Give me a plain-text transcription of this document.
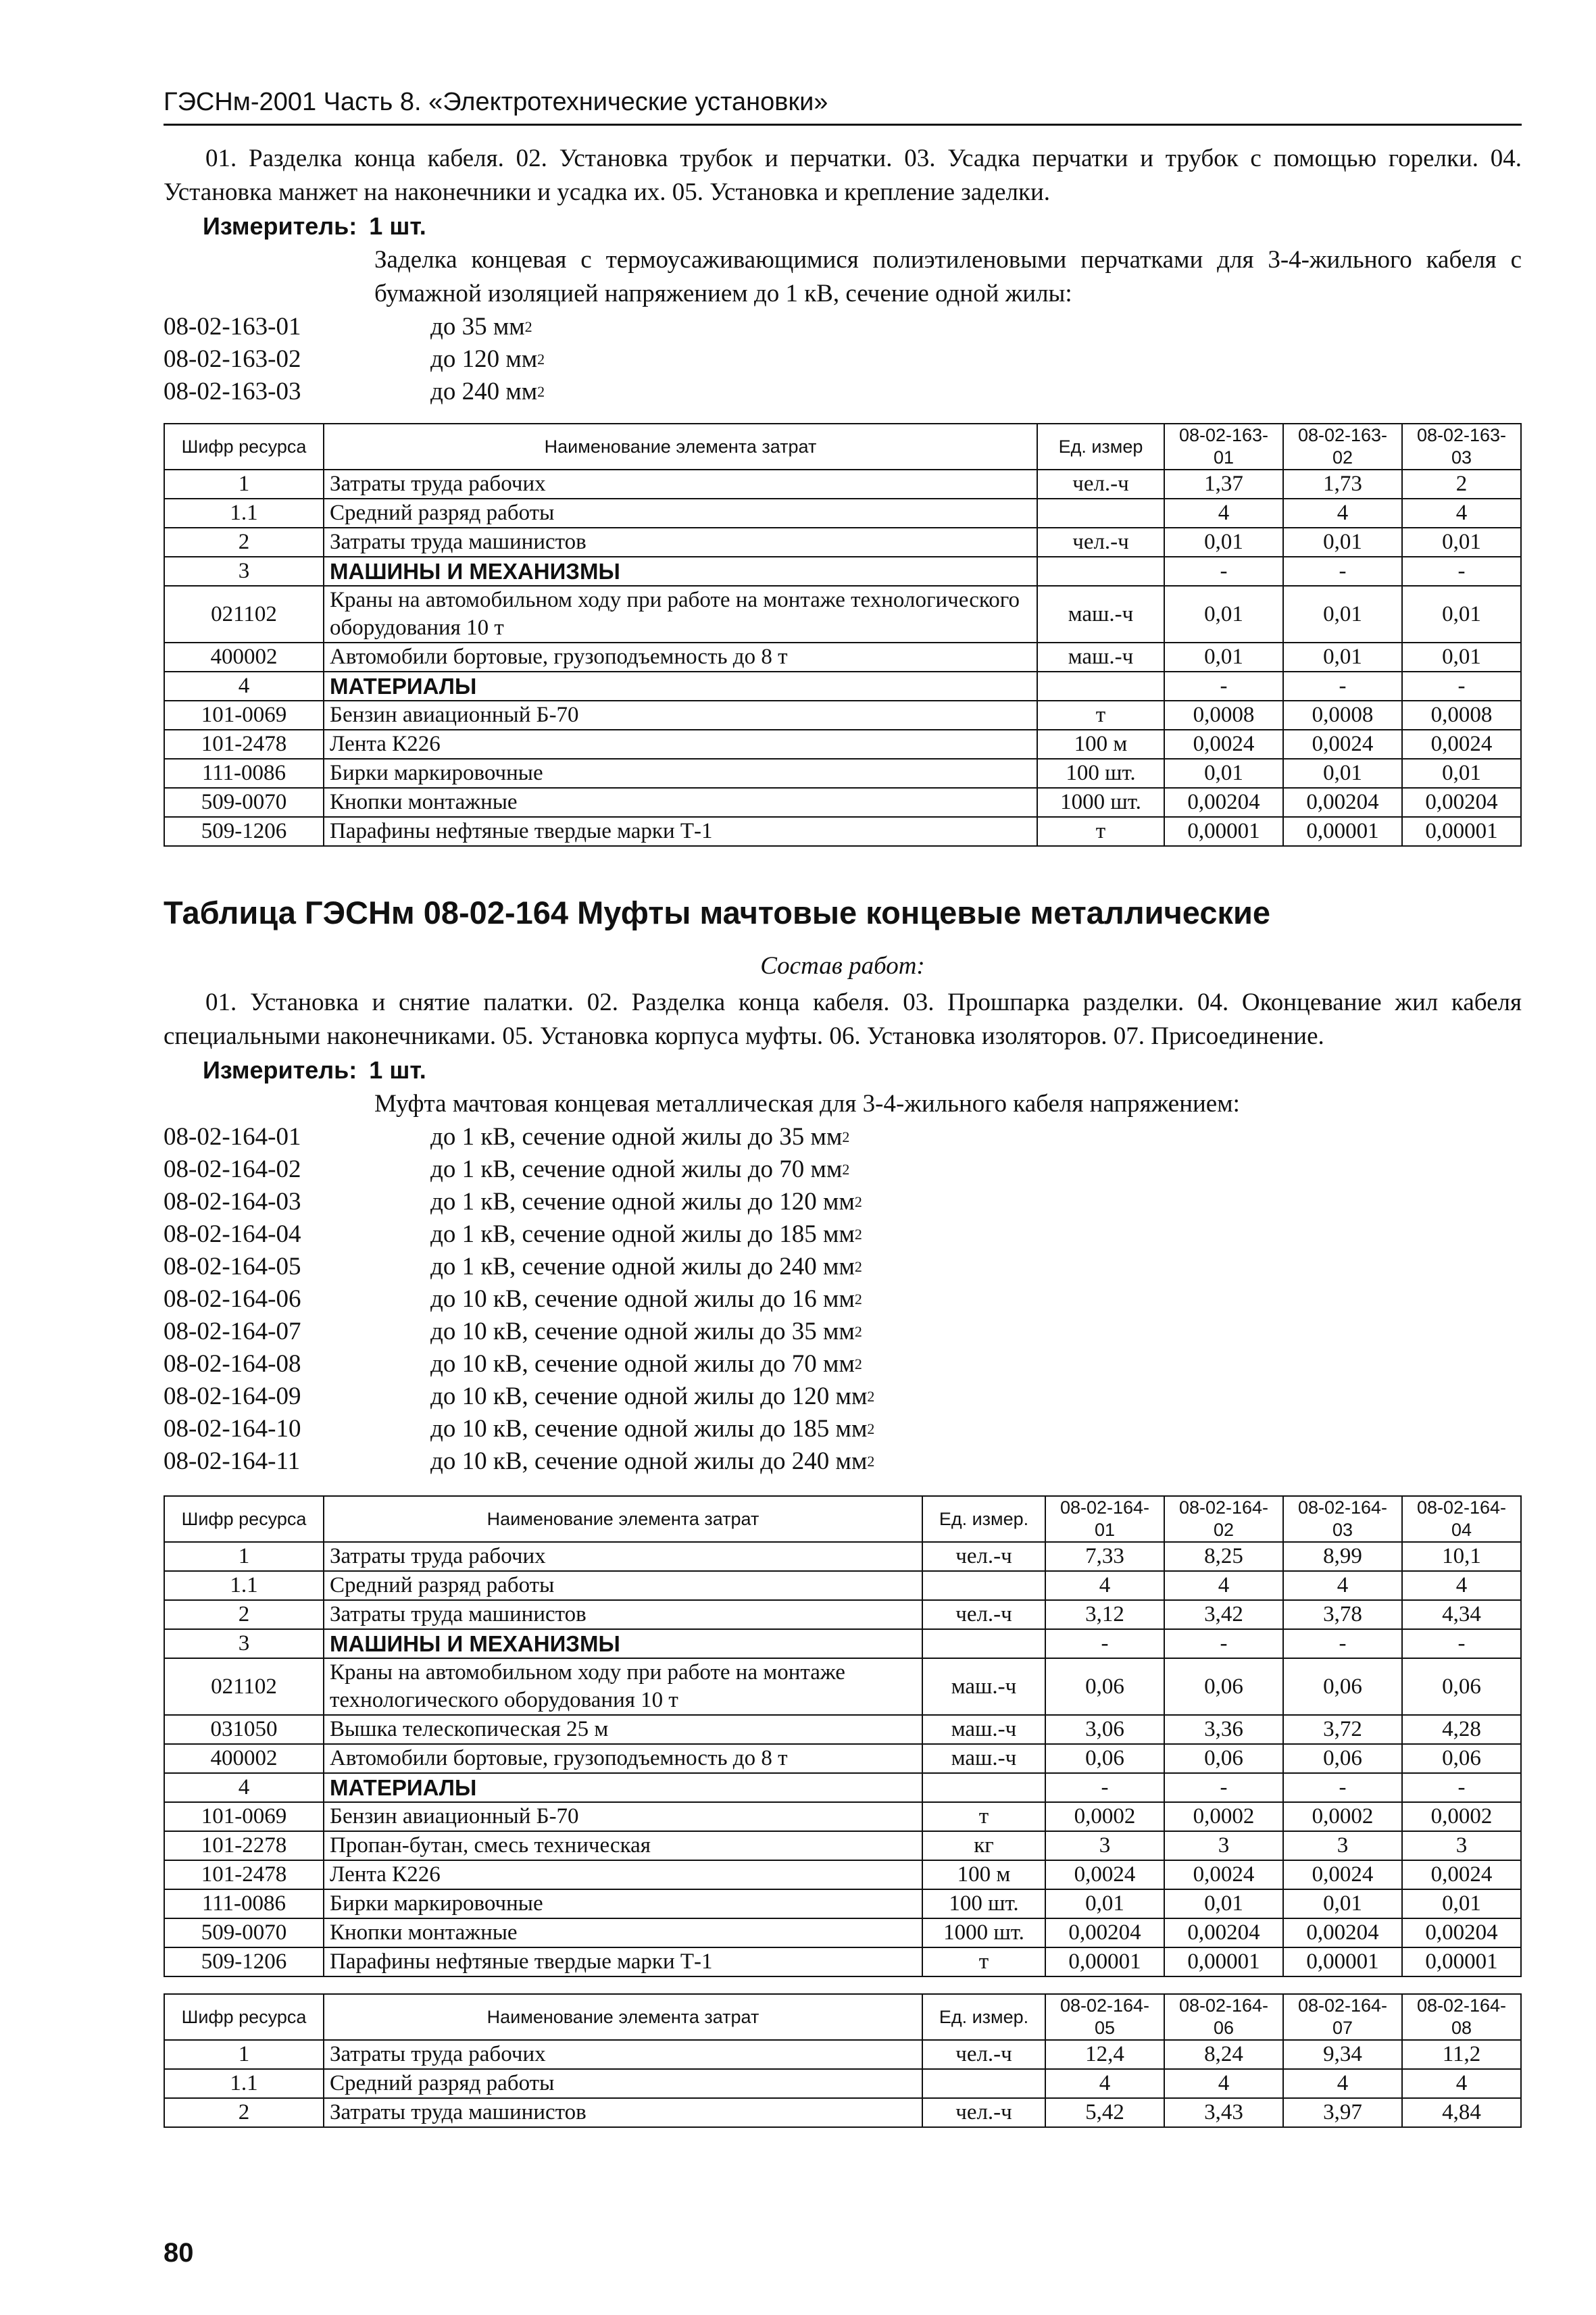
ГЭСНм-2001 Часть 8. «Электротехнические установки»

01. Разделка конца кабеля. 02. Установка трубок и перчатки. 03. Усадка перчатки и трубок с помощью горелки. 04. Установка манжет на наконечники и усадка их. 05. Установка и крепление заделки.

Измеритель: 1 шт.

Заделка концевая с термоусаживающимися полиэтиленовыми перчатками для 3-4-жильного кабеля с бумажной изоляцией напряжением до 1 кВ, сечение одной жилы:

08-02-163-01	до 35 мм 2
08-02-163-02	до 120 мм 2
08-02-163-03	до 240 мм 2
Шифр ресурса	Наименование элемента затрат	Ед. измер	08-02-163-01	08-02-163-02	08-02-163-03
1	Затраты труда рабочих	чел.-ч	1,37	1,73	2
1.1	Средний разряд работы		4	4	4
2	Затраты труда машинистов	чел.-ч	0,01	0,01	0,01
3	МАШИНЫ И МЕХАНИЗМЫ		-	-	-
021102	Краны на автомобильном ходу при работе на монтаже технологического оборудования 10 т	маш.-ч	0,01	0,01	0,01
400002	Автомобили бортовые, грузоподъемность до 8 т	маш.-ч	0,01	0,01	0,01
4	МАТЕРИАЛЫ		-	-	-
101-0069	Бензин авиационный Б-70	т	0,0008	0,0008	0,0008
101-2478	Лента К226	100 м	0,0024	0,0024	0,0024
111-0086	Бирки маркировочные	100 шт.	0,01	0,01	0,01
509-0070	Кнопки монтажные	1000 шт.	0,00204	0,00204	0,00204
509-1206	Парафины нефтяные твердые марки Т-1	т	0,00001	0,00001	0,00001
Таблица ГЭСНм 08-02-164 Муфты мачтовые концевые металлические
Состав работ:

01. Установка и снятие палатки. 02. Разделка конца кабеля. 03. Прошпарка разделки. 04. Оконцевание жил кабеля специальными наконечниками. 05. Установка корпуса муфты. 06. Установка изоляторов. 07. Присоединение.

Измеритель: 1 шт.

Муфта мачтовая концевая металлическая для 3-4-жильного кабеля напряжением:

08-02-164-01	до 1 кВ, сечение одной жилы до 35 мм 2
08-02-164-02	до 1 кВ, сечение одной жилы до 70 мм 2
08-02-164-03	до 1 кВ, сечение одной жилы до 120 мм 2
08-02-164-04	до 1 кВ, сечение одной жилы до 185 мм 2
08-02-164-05	до 1 кВ, сечение одной жилы до 240 мм 2
08-02-164-06	до 10 кВ, сечение одной жилы до 16 мм 2
08-02-164-07	до 10 кВ, сечение одной жилы до 35 мм 2
08-02-164-08	до 10 кВ, сечение одной жилы до 70 мм 2
08-02-164-09	до 10 кВ, сечение одной жилы до 120 мм 2
08-02-164-10	до 10 кВ, сечение одной жилы до 185 мм 2
08-02-164-11	до 10 кВ, сечение одной жилы до 240 мм 2
Шифр ресурса	Наименование элемента затрат	Ед. измер.	08-02-164-01	08-02-164-02	08-02-164-03	08-02-164-04
1	Затраты труда рабочих	чел.-ч	7,33	8,25	8,99	10,1
1.1	Средний разряд работы		4	4	4	4
2	Затраты труда машинистов	чел.-ч	3,12	3,42	3,78	4,34
3	МАШИНЫ И МЕХАНИЗМЫ		-	-	-	-
021102	Краны на автомобильном ходу при работе на монтаже технологического оборудования 10 т	маш.-ч	0,06	0,06	0,06	0,06
031050	Вышка телескопическая 25 м	маш.-ч	3,06	3,36	3,72	4,28
400002	Автомобили бортовые, грузоподъемность до 8 т	маш.-ч	0,06	0,06	0,06	0,06
4	МАТЕРИАЛЫ		-	-	-	-
101-0069	Бензин авиационный Б-70	т	0,0002	0,0002	0,0002	0,0002
101-2278	Пропан-бутан, смесь техническая	кг	3	3	3	3
101-2478	Лента К226	100 м	0,0024	0,0024	0,0024	0,0024
111-0086	Бирки маркировочные	100 шт.	0,01	0,01	0,01	0,01
509-0070	Кнопки монтажные	1000 шт.	0,00204	0,00204	0,00204	0,00204
509-1206	Парафины нефтяные твердые марки Т-1	т	0,00001	0,00001	0,00001	0,00001
Шифр ресурса	Наименование элемента затрат	Ед. измер.	08-02-164-05	08-02-164-06	08-02-164-07	08-02-164-08
1	Затраты труда рабочих	чел.-ч	12,4	8,24	9,34	11,2
1.1	Средний разряд работы		4	4	4	4
2	Затраты труда машинистов	чел.-ч	5,42	3,43	3,97	4,84
80
